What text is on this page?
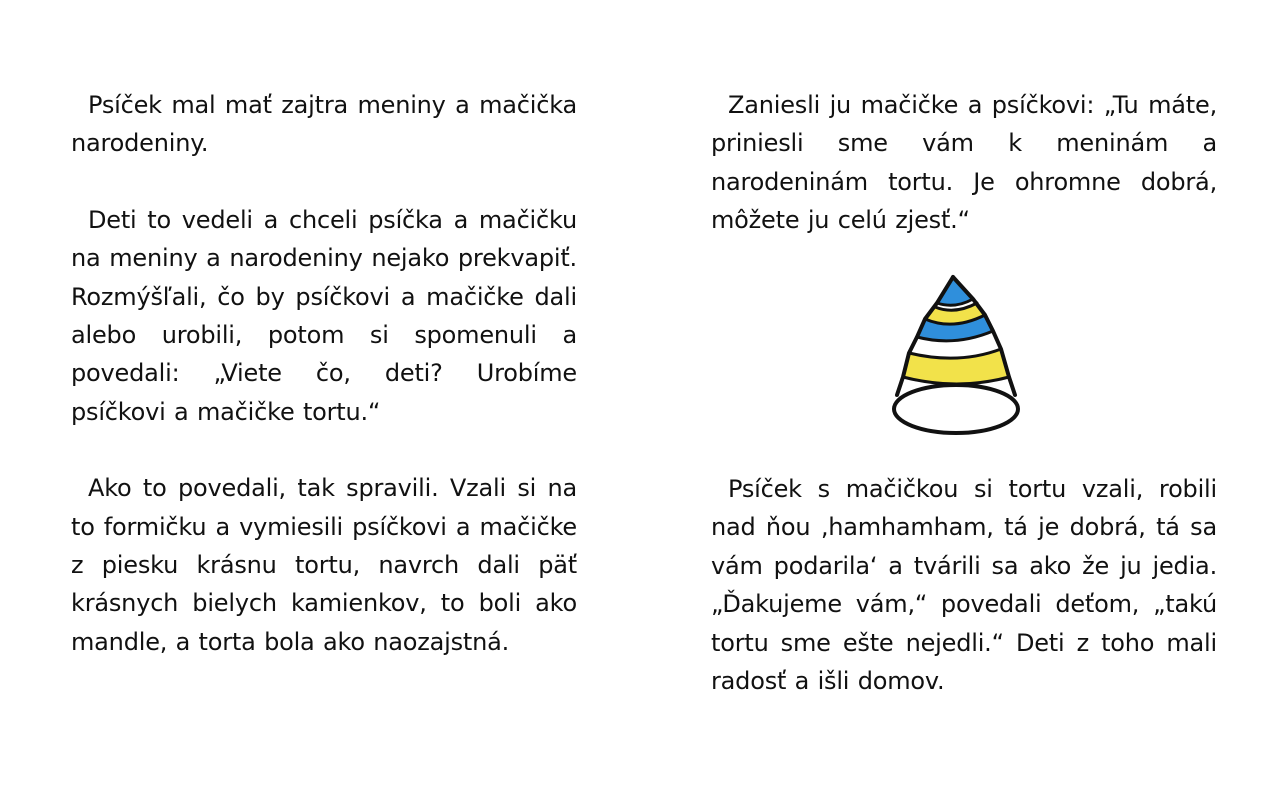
Psíček mal mať zajtra meniny a mačička narodeniny.

Deti to vedeli a chceli psíčka a mačičku na meniny a narodeniny nejako prekvapiť. Rozmýšľali, čo by psíčkovi a mačičke dali alebo urobili, potom si spomenuli a povedali: „Viete čo, deti? Urobíme psíčkovi a mačičke tortu.“

Ako to povedali, tak spravili. Vzali si na to formičku a vymiesili psíčkovi a mačičke z piesku krásnu tortu, navrch dali päť krásnych bielych kamienkov, to boli ako mandle, a torta bola ako naozajstná.

Zaniesli ju mačičke a psíčkovi: „Tu máte, priniesli sme vám k meninám a narodeninám tortu. Je ohromne dobrá, môžete ju celú zjesť.“

Psíček s mačičkou si tortu vzali, robili nad ňou ‚hamhamham, tá je dobrá, tá sa vám podarila‘ a tvárili sa ako že ju jedia. „Ďakujeme vám,“ povedali deťom, „takú tortu sme ešte nejedli.“ Deti z toho mali radosť a išli domov.
